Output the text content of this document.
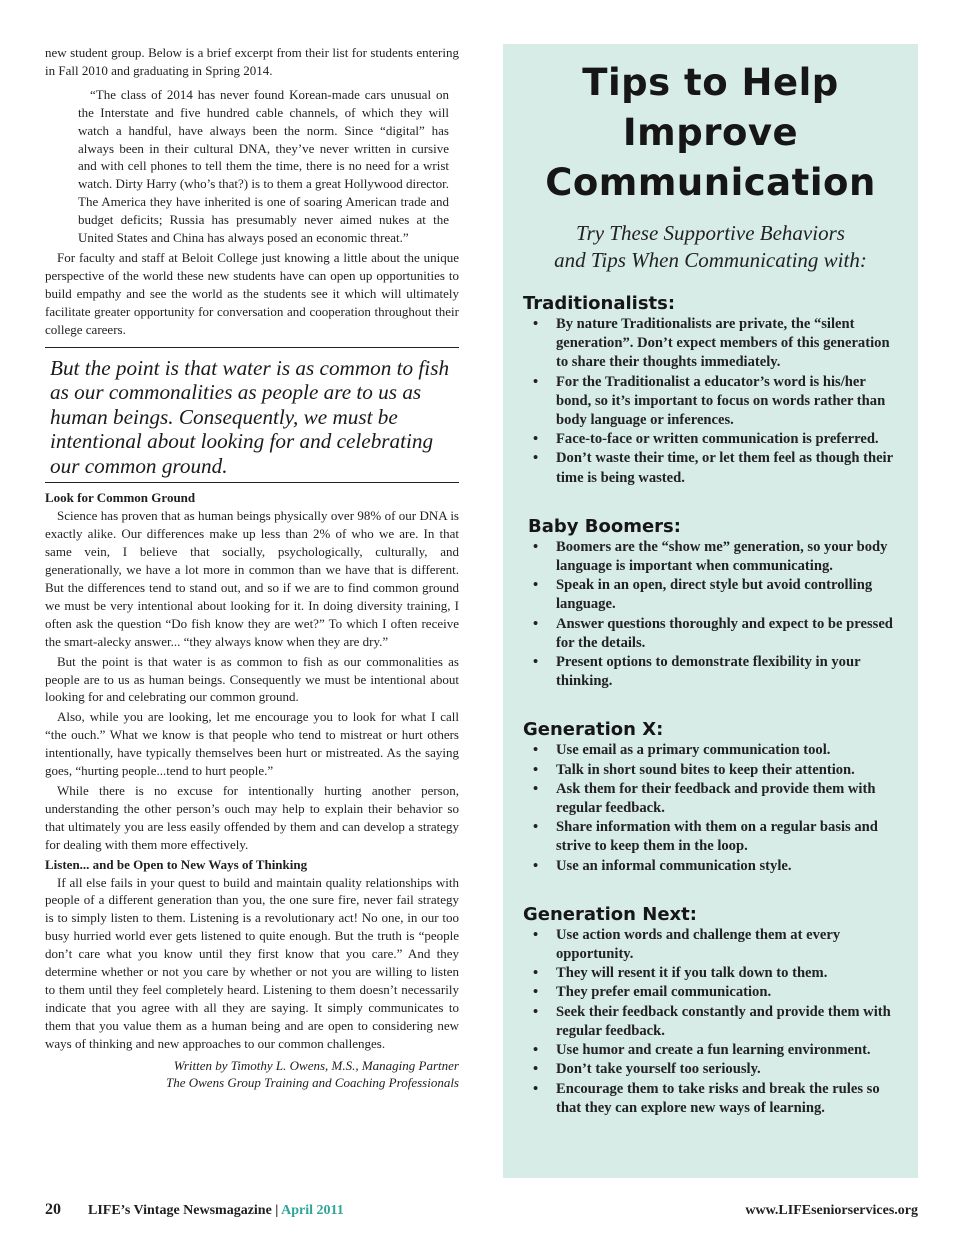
new student group. Below is a brief excerpt from their list for students entering in Fall 2010 and graduating in Spring 2014.

“The class of 2014 has never found Korean-made cars unusual on the Interstate and five hundred cable channels, of which they will watch a handful, have always been the norm. Since “digital” has always been in their cultural DNA, they’ve never written in cursive and with cell phones to tell them the time, there is no need for a wrist watch. Dirty Harry (who’s that?) is to them a great Hollywood director. The America they have inherited is one of soaring American trade and budget deficits; Russia has presumably never aimed nukes at the United States and China has always posed an economic threat.”

For faculty and staff at Beloit College just knowing a little about the unique perspective of the world these new students have can open up opportunities to build empathy and see the world as the students see it which will ultimately facilitate greater opportunity for conversation and cooperation throughout their college careers.

But the point is that water is as common to fish as our commonalities as people are to us as human beings. Consequently, we must be intentional about looking for and celebrating our common ground.

Look for Common Ground

Science has proven that as human beings physically over 98% of our DNA is exactly alike. Our differences make up less than 2% of who we are. In that same vein, I believe that socially, psychologically, culturally, and generationally, we have a lot more in common than we have that is different. But the differences tend to stand out, and so if we are to find common ground we must be very intentional about looking for it. In doing diversity training, I often ask the question “Do fish know they are wet?” To which I often receive the smart-alecky answer... “they always know when they are dry.”

But the point is that water is as common to fish as our commonalities as people are to us as human beings. Consequently we must be intentional about looking for and celebrating our common ground.

Also, while you are looking, let me encourage you to look for what I call “the ouch.” What we know is that people who tend to mistreat or hurt others intentionally, have typically themselves been hurt or mistreated. As the saying goes, “hurting people...tend to hurt people.”

While there is no excuse for intentionally hurting another person, understanding the other person’s ouch may help to explain their behavior so that ultimately you are less easily offended by them and can develop a strategy for dealing with them more effectively.

Listen... and be Open to New Ways of Thinking

If all else fails in your quest to build and maintain quality relationships with people of a different generation than you, the one sure fire, never fail strategy is to simply listen to them. Listening is a revolutionary act! No one, in our too busy hurried world ever gets listened to quite enough. But the truth is “people don’t care what you know until they first know that you care.” And they determine whether or not you care by whether or not you are willing to listen to them until they feel completely heard. Listening to them doesn’t necessarily indicate that you agree with all they are saying. It simply communicates to them that you value them as a human being and are open to considering new ways of thinking and new approaches to our common challenges.

Written by Timothy L. Owens, M.S., Managing Partner
The Owens Group Training and Coaching Professionals
Tips to Help
Improve
Communication
Try These Supportive Behaviors
and Tips When Communicating with:
Traditionalists:
• By nature Traditionalists are private, the “silent generation”. Don’t expect members of this generation to share their thoughts immediately.
• For the Traditionalist a educator’s word is his/her bond, so it’s important to focus on words rather than body language or inferences.
• Face-to-face or written communication is preferred.
• Don’t waste their time, or let them feel as though their time is being wasted.
Baby Boomers:
• Boomers are the “show me” generation, so your body language is important when communicating.
• Speak in an open, direct style but avoid controlling language.
• Answer questions thoroughly and expect to be pressed for the details.
• Present options to demonstrate flexibility in your thinking.
Generation X:
• Use email as a primary communication tool.
• Talk in short sound bites to keep their attention.
• Ask them for their feedback and provide them with regular feedback.
• Share information with them on a regular basis and strive to keep them in the loop.
• Use an informal communication style.
Generation Next:
• Use action words and challenge them at every opportunity.
• They will resent it if you talk down to them.
• They prefer email communication.
• Seek their feedback constantly and provide them with regular feedback.
• Use humor and create a fun learning environment.
• Don’t take yourself too seriously.
• Encourage them to take risks and break the rules so that they can explore new ways of learning.
20 LIFE’s Vintage Newsmagazine | April 2011	www.LIFEseniorservices.org
